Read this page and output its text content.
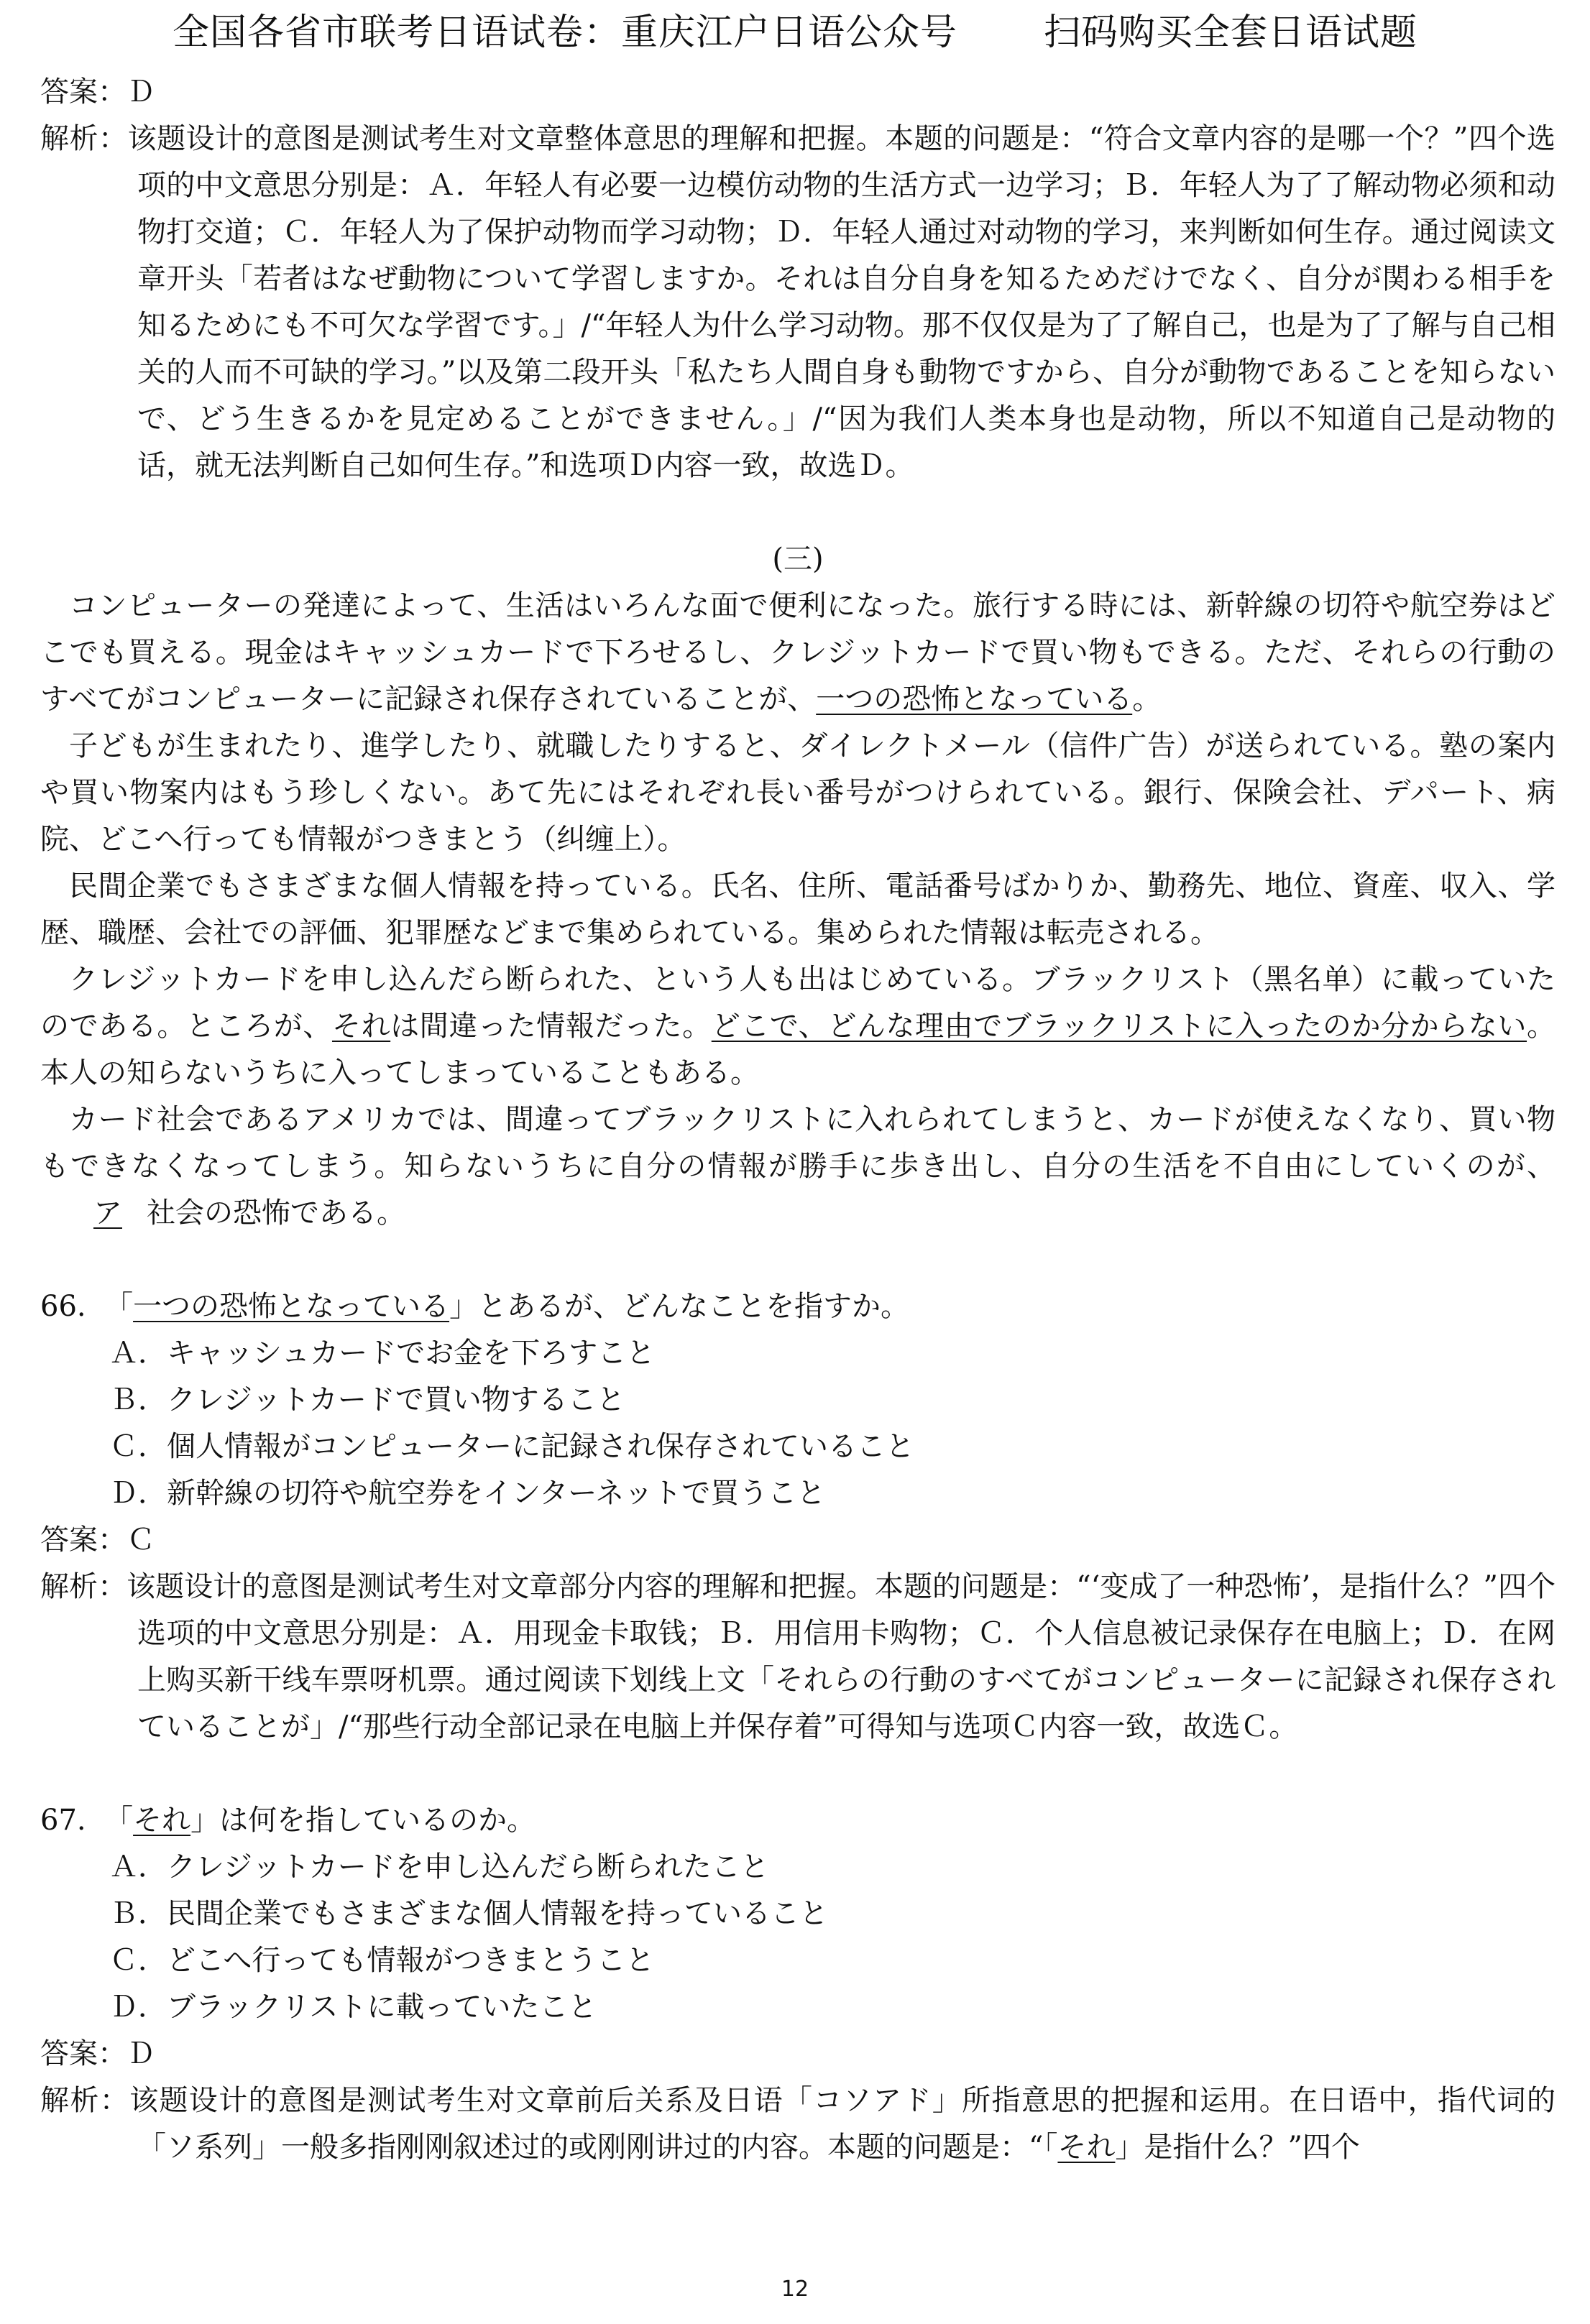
全国各省市联考日语试卷：重庆江户日语公众号 扫码购买全套日语试题

答案：Ｄ

解析：该题设计的意图是测试考生对文章整体意思的理解和把握。本题的问题是：“符合文章内容的是哪一个？”四个选项的中文意思分别是：Ａ．年轻人有必要一边模仿动物的生活方式一边学习；Ｂ．年轻人为了了解动物必须和动物打交道；Ｃ．年轻人为了保护动物而学习动物；Ｄ．年轻人通过对动物的学习，来判断如何生存。通过阅读文章开头「若者はなぜ動物について学習しますか。それは自分自身を知るためだけでなく、自分が関わる相手を知るためにも不可欠な学習です。」/“年轻人为什么学习动物。那不仅仅是为了了解自己，也是为了了解与自己相关的人而不可缺的学习。”以及第二段开头「私たち人間自身も動物ですから、自分が動物であることを知らないで、どう生きるかを見定めることができません。」/“因为我们人类本身也是动物，所以不知道自己是动物的话，就无法判断自己如何生存。”和选项Ｄ内容一致，故选Ｄ。

(三)

コンピューターの発達によって、生活はいろんな面で便利になった。旅行する時には、新幹線の切符や航空券はどこでも買える。現金はキャッシュカードで下ろせるし、クレジットカードで買い物もできる。ただ、それらの行動のすべてがコンピューターに記録され保存されていることが、一つの恐怖となっている。

子どもが生まれたり、進学したり、就職したりすると、ダイレクトメール（信件广告）が送られている。塾の案内や買い物案内はもう珍しくない。あて先にはそれぞれ長い番号がつけられている。銀行、保険会社、デパート、病院、どこへ行っても情報がつきまとう（纠缠上）。

民間企業でもさまざまな個人情報を持っている。氏名、住所、電話番号ばかりか、勤務先、地位、資産、収入、学歴、職歴、会社での評価、犯罪歴などまで集められている。集められた情報は転売される。

クレジットカードを申し込んだら断られた、という人も出はじめている。ブラックリスト（黑名单）に載っていたのである。ところが、それは間違った情報だった。どこで、どんな理由でブラックリストに入ったのか分からない。本人の知らないうちに入ってしまっていることもある。

カード社会であるアメリカでは、間違ってブラックリストに入れられてしまうと、カードが使えなくなり、買い物もできなくなってしまう。知らないうちに自分の情報が勝手に歩き出し、自分の生活を不自由にしていくのが、ア 社会の恐怖である。

66. 「一つの恐怖となっている」とあるが、どんなことを指すか。

Ａ．キャッシュカードでお金を下ろすこと

Ｂ．クレジットカードで買い物すること

Ｃ．個人情報がコンピューターに記録され保存されていること

Ｄ．新幹線の切符や航空券をインターネットで買うこと

答案：Ｃ

解析：该题设计的意图是测试考生对文章部分内容的理解和把握。本题的问题是：“‘变成了一种恐怖’，是指什么？”四个选项的中文意思分别是：Ａ．用现金卡取钱；Ｂ．用信用卡购物；Ｃ．个人信息被记录保存在电脑上；Ｄ．在网上购买新干线车票呀机票。通过阅读下划线上文「それらの行動のすべてがコンピューターに記録され保存されていることが」/“那些行动全部记录在电脑上并保存着”可得知与选项Ｃ内容一致，故选Ｃ。

67. 「それ」は何を指しているのか。

Ａ．クレジットカードを申し込んだら断られたこと

Ｂ．民間企業でもさまざまな個人情報を持っていること

Ｃ．どこへ行っても情報がつきまとうこと

Ｄ．ブラックリストに載っていたこと

答案：Ｄ

解析：该题设计的意图是测试考生对文章前后关系及日语「コソアド」所指意思的把握和运用。在日语中，指代词的「ソ系列」一般多指刚刚叙述过的或刚刚讲过的内容。本题的问题是：“「それ」是指什么？”四个

12
